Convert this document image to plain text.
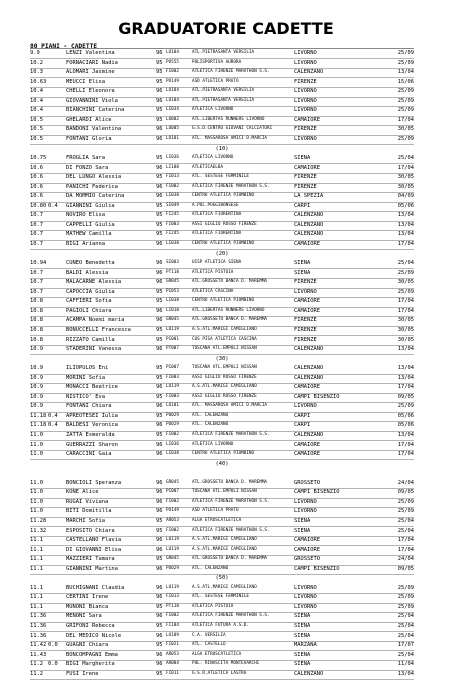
GRADUATORIE CADETTE
80 PIANI - CADETTE
9.9	LENZI Valentina	96 LU104	ATL.PIETRASANTA VERSILIA	LIVORNO	25/09
10.2	FORNACIARI Nadia	95 PU555	POLISPORTIVA AURORA	LIVORNO	25/09
10.3	ALOMARI Jasmine	95 FI002	ATLETICA FIRENZE MARATHON S.S.	CALENZANO	13/04
10.63	MEUCCI Elisa	95 PO149	ASD ATLETICA PRATO	FIRENZE	15/06
10.4	CHELLI Eleonora	96 LU104	ATL.PIETRASANTA VERSILIA	LIVORNO	25/09
10.4	GIOVANNINI Viola	96 LU104	ATL.PIETRASANTA VERSILIA	LIVORNO	25/09
10.4	BIANCHINI Caterina	95 LI034	ATLETICA LIVORNO	LIVORNO	25/09
10.5	GHELARDI Alice	95 LU002	ATL.LIBERTAS RUNNERS LIVORNO	CAMAIORE	17/04
10.5	BANDONI Valentina	96 LU005	G.S.D.CENTRO GIOVANI CALCIATORI	FIRENZE	30/05
10.5	FONTANI Gloria	96 LU101	ATL. MASSAROSA AMICI D.MARCIA	LIVORNO	25/09
(10)
10.75	FROGLIA Sara	95 LI036	ATLETICA LIVORNO	SIENA	25/04
10.6	DI FONZO Sara	96 LI188	ATLETICAELBA	CAMAIORE	17/04
10.6	DEL LUNGO Alessia	95 FI013	ATL. SESTESE FEMMINILE	FIRENZE	30/05
10.6	PANICHI Federica	96 FI002	ATLETICA FIRENZE MARATHON S.S.	FIRENZE	30/05
10.6	DA MOMMIO Caterina	96 LI038	CENTRO ATLETICA PIOMBINO	LA SPEZIA	04/09
10.80 0.4	GIANNINI Giulia	95 SI049	A.POL.POGGIBONSESE	CARPI	05/06
10.7	NOVIRO Elisa	95 FI245	ATLETICA FIORENTINA	CALENZANO	13/04
10.7	CAPPELLI Giulia	95 FI003	ASSI GIGLIO ROSSO FIRENZE	CALENZANO	13/04
10.7	MATHEW Camilla	95 FI245	ATLETICA FIORENTINA	CALENZANO	13/04
10.7	BIGI Arianna	96 LI038	CENTRO ATLETICA PIOMBINO	CAMAIORE	17/04
(20)
10.94	CUNEO Benedetta	96 SI003	UISP ATLETICA SIENA	SIENA	25/04
10.7	BALDI Alessia	96 PT118	ATLETICA PISTOIA	SIENA	25/09
10.7	MALACARNE Alessia	96 GR045	ATL.GROSSETO BANCA D. MAREMMA	FIRENZE	30/05
10.7	CAPOCCIA Giulia	95 PI053	ATLETICA CASCINA	LIVORNO	25/09
10.8	CAFFIERI Sofia	95 LI038	CENTRO ATLETICA PIOMBINO	CAMAIORE	17/04
10.8	PAGIOLI Chiara	96 LI010	ATL.LIBERTAS RUNNERS LIVORNO	CAMAIORE	17/04
10.8	ACAMPA Noemi maria	96 GR045	ATL.GROSSETO BANCA D. MAREMMA	FIRENZE	30/05
10.8	BONUCCELLI Francesca	95 LU119	A.S.ATL.MARIGI CAMIGLIANO	FIRENZE	30/05
10.8	RIZZATO Camilla	95 PI001	CUS PISA ATLETICA CASCINA	FIRENZE	30/05
10.9	STADERINI Vanessa	96 PT007	TOSCANA ATL.EMPOLI NISSAN	CALENZANO	13/04
(30)
10.9	ILIOPULOS Eni	95 PI007	TOSCANA ATL.EMPOLI NISSAN	CALENZANO	13/04
10.9	MORINI Sofia	95 FI003	ASSI GIGLIO ROSSO FIRENZE	CALENZANO	13/04
10.9	MONACCI Beatrice	96 LU119	A.S.ATL.MARIGI CAMIGLIANO	CAMAIORE	17/04
10.9	NISTICO' Eva	95 FI003	ASSI GIGLIO ROSSO FIRENZE	CAMPI BISENZIO	09/05
10.9	FONTANI Chiara	96 LU101	ATL. MASSAROSA AMICI D.MARCIA	LIVORNO	25/09
11.18 0.4	APREOTESEI Iulia	95 PO029	ATL. CALENZANO	CARPI	05/06
11.18 0.4	BALDESI Veronica	96 PO029	ATL. CALENZANO	CARPI	05/06
11.0	ZATTA Esmeralda	95 FI002	ATLETICA FIRENZE MARATHON S.S.	CALENZANO	13/04
11.0	GUERRAZZI Sharon	96 LI036	ATLETICA LIVORNO	CAMAIORE	17/04
11.0	CARACCINI Gaia	96 LI038	CENTRO ATLETICA PIOMBINO	CAMAIORE	17/04
(40)
11.0	BONCIOLI Speranza	96 GR045	ATL.GROSSETO BANCA D. MAREMMA	GROSSETO	24/04
11.0	KONE Alice	96 PI007	TOSCANA ATL.EMPOLI NISSAN	CAMPI BISENZIO	09/05
11.0	RUGAI Viviana	96 FI002	ATLETICA FIRENZE MARATHON S.S.	LIVORNO	25/09
11.0	BITI Domitilla	96 PO149	ASD ATLETICA PRATO	LIVORNO	25/09
11.28	MARCHI Sofia	95 AR053	ALGA ETRUSCATLETICA	SIENA	25/04
11.32	ESPOSITO Chiara	95 FI002	ATLETICA FIRENZE MARATHON S.S.	SIENA	25/04
11.1	CASTELLANO Flavia	96 LU119	A.S.ATL.MARIGI CAMIGLIANO	CAMAIORE	17/04
11.1	DI GIOVANNI Elisa	96 LU119	A.S.ATL.MARIGI CAMIGLIANO	CAMAIORE	17/04
11.1	MAZZIERI Tamara	95 GR045	ATL.GROSSETO BANCA D. MAREMMA	GROSSETO	24/04
11.1	GIANNINI Martina	96 PO029	ATL. CALENZANO	CAMPI BISENZIO	09/05
(50)
11.1	BUCHIGNANI Claudia	96 LU119	A.S.ATL.MARIGI CAMIGLIANO	LIVORNO	25/09
11.1	CERTINI Irene	96 FI013	ATL. SESTESE FEMMINILE	LIVORNO	25/09
11.1	MUNONI Bianca	95 PT118	ATLETICA PISTOIA	LIVORNO	25/09
11.36	MENONI Sara	96 FI002	ATLETICA FIRENZE MARATHON S.S.	SIENA	25/04
11.36	GRIFONI Rebecca	95 FI184	ATLETICA FUTURA A.S.D.	SIENA	25/04
11.36	DEL MEDICO Nicole	96 LU109	C.A. VERSILIA	SIENA	25/04
11.42 0.0	GUAGNI Chiara	95 FI021	ATL. CASTELLO	MARZANA	17/07
11.43	BONCOMPAGNI Emma	96 AR053	ALGA ETRUSCATLETICA	SIENA	25/04
11.2 0.0	BIGI Margherita	96 AR004	POL. RINASCITA MONTEVARCHI	SIENA	11/04
11.2	FUSI Irene	95 FI011	G.S.R.ATLETICA LASTRA	CALENZANO	13/04
